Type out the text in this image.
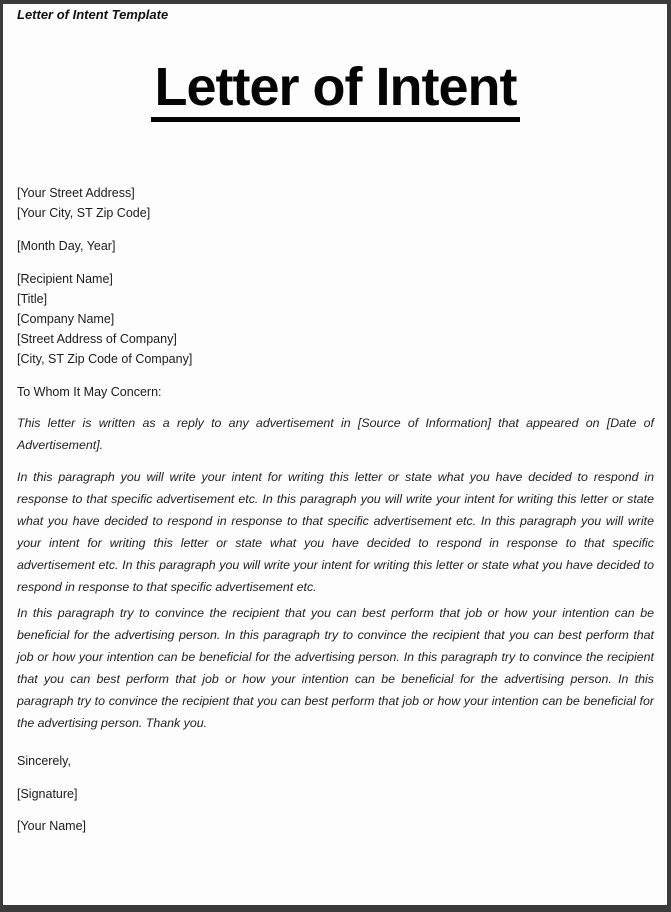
Letter of Intent Template
Letter of Intent
[Your Street Address]
[Your City, ST Zip Code]
[Month Day, Year]
[Recipient Name]
[Title]
[Company Name]
[Street Address of Company]
[City, ST Zip Code of Company]
To Whom It May Concern:

This letter is written as a reply to any advertisement in [Source of Information] that appeared on [Date of Advertisement].

In this paragraph you will write your intent for writing this letter or state what you have decided to respond in response to that specific advertisement etc. In this paragraph you will write your intent for writing this letter or state what you have decided to respond in response to that specific advertisement etc. In this paragraph you will write your intent for writing this letter or state what you have decided to respond in response to that specific advertisement etc. In this paragraph you will write your intent for writing this letter or state what you have decided to respond in response to that specific advertisement etc.

In this paragraph try to convince the recipient that you can best perform that job or how your intention can be beneficial for the advertising person. In this paragraph try to convince the recipient that you can best perform that job or how your intention can be beneficial for the advertising person. In this paragraph try to convince the recipient that you can best perform that job or how your intention can be beneficial for the advertising person. In this paragraph try to convince the recipient that you can best perform that job or how your intention can be beneficial for the advertising person. Thank you.

Sincerely,
[Signature]
[Your Name]
